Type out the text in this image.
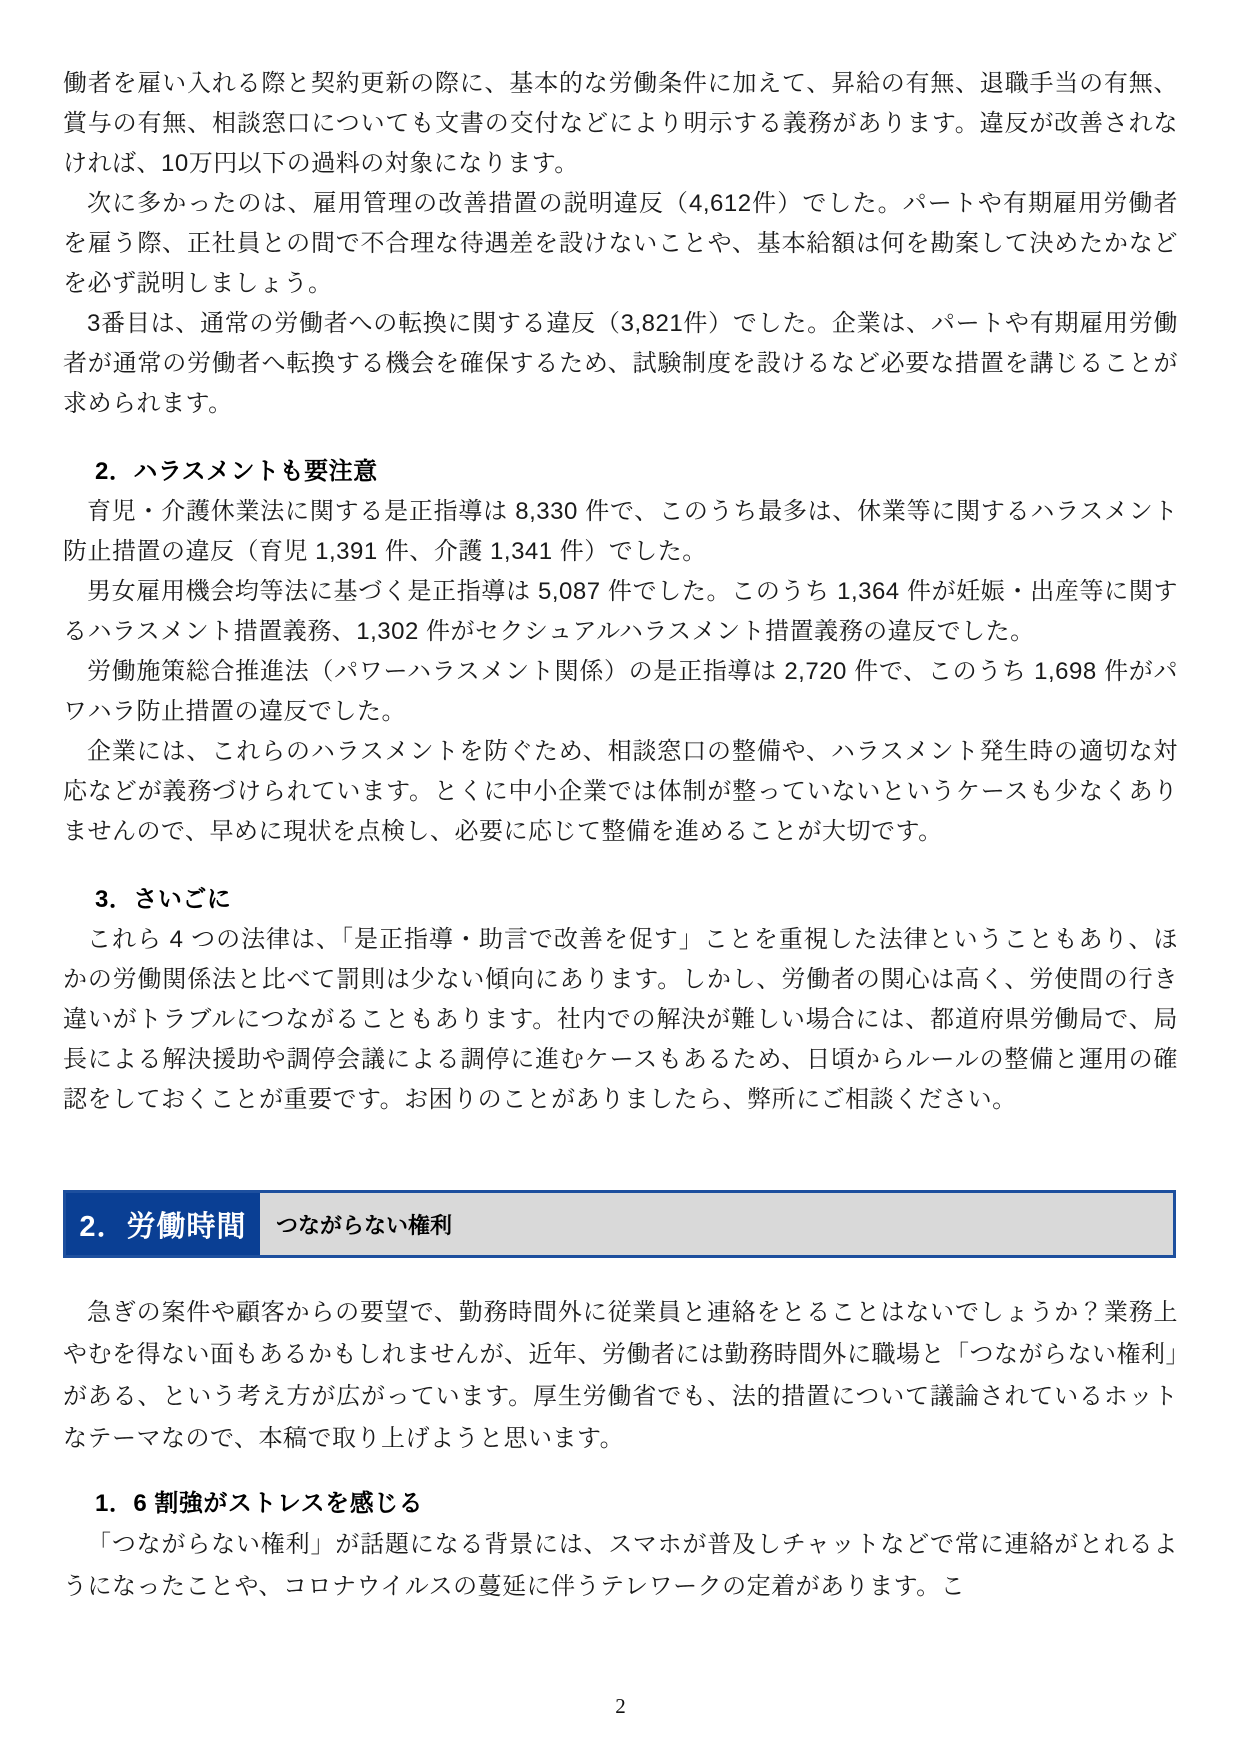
働者を雇い入れる際と契約更新の際に、基本的な労働条件に加えて、昇給の有無、退職手当の有無、賞与の有無、相談窓口についても文書の交付などにより明示する義務があります。違反が改善されなければ、10万円以下の過料の対象になります。

次に多かったのは、雇用管理の改善措置の説明違反（4,612件）でした。パートや有期雇用労働者を雇う際、正社員との間で不合理な待遇差を設けないことや、基本給額は何を勘案して決めたかなどを必ず説明しましょう。

3番目は、通常の労働者への転換に関する違反（3,821件）でした。企業は、パートや有期雇用労働者が通常の労働者へ転換する機会を確保するため、試験制度を設けるなど必要な措置を講じることが求められます。

2．ハラスメントも要注意

育児・介護休業法に関する是正指導は 8,330 件で、このうち最多は、休業等に関するハラスメント防止措置の違反（育児 1,391 件、介護 1,341 件）でした。

男女雇用機会均等法に基づく是正指導は 5,087 件でした。このうち 1,364 件が妊娠・出産等に関するハラスメント措置義務、1,302 件がセクシュアルハラスメント措置義務の違反でした。

労働施策総合推進法（パワーハラスメント関係）の是正指導は 2,720 件で、このうち 1,698 件がパワハラ防止措置の違反でした。

企業には、これらのハラスメントを防ぐため、相談窓口の整備や、ハラスメント発生時の適切な対応などが義務づけられています。とくに中小企業では体制が整っていないというケースも少なくありませんので、早めに現状を点検し、必要に応じて整備を進めることが大切です。

3．さいごに

これら 4 つの法律は、「是正指導・助言で改善を促す」ことを重視した法律ということもあり、ほかの労働関係法と比べて罰則は少ない傾向にあります。しかし、労働者の関心は高く、労使間の行き違いがトラブルにつながることもあります。社内での解決が難しい場合には、都道府県労働局で、局長による解決援助や調停会議による調停に進むケースもあるため、日頃からルールの整備と運用の確認をしておくことが重要です。お困りのことがありましたら、弊所にご相談ください。

2．労働時間	つながらない権利

急ぎの案件や顧客からの要望で、勤務時間外に従業員と連絡をとることはないでしょうか？業務上やむを得ない面もあるかもしれませんが、近年、労働者には勤務時間外に職場と「つながらない権利」がある、という考え方が広がっています。厚生労働省でも、法的措置について議論されているホットなテーマなので、本稿で取り上げようと思います。

1．6 割強がストレスを感じる

「つながらない権利」が話題になる背景には、スマホが普及しチャットなどで常に連絡がとれるようになったことや、コロナウイルスの蔓延に伴うテレワークの定着があります。こ

2
